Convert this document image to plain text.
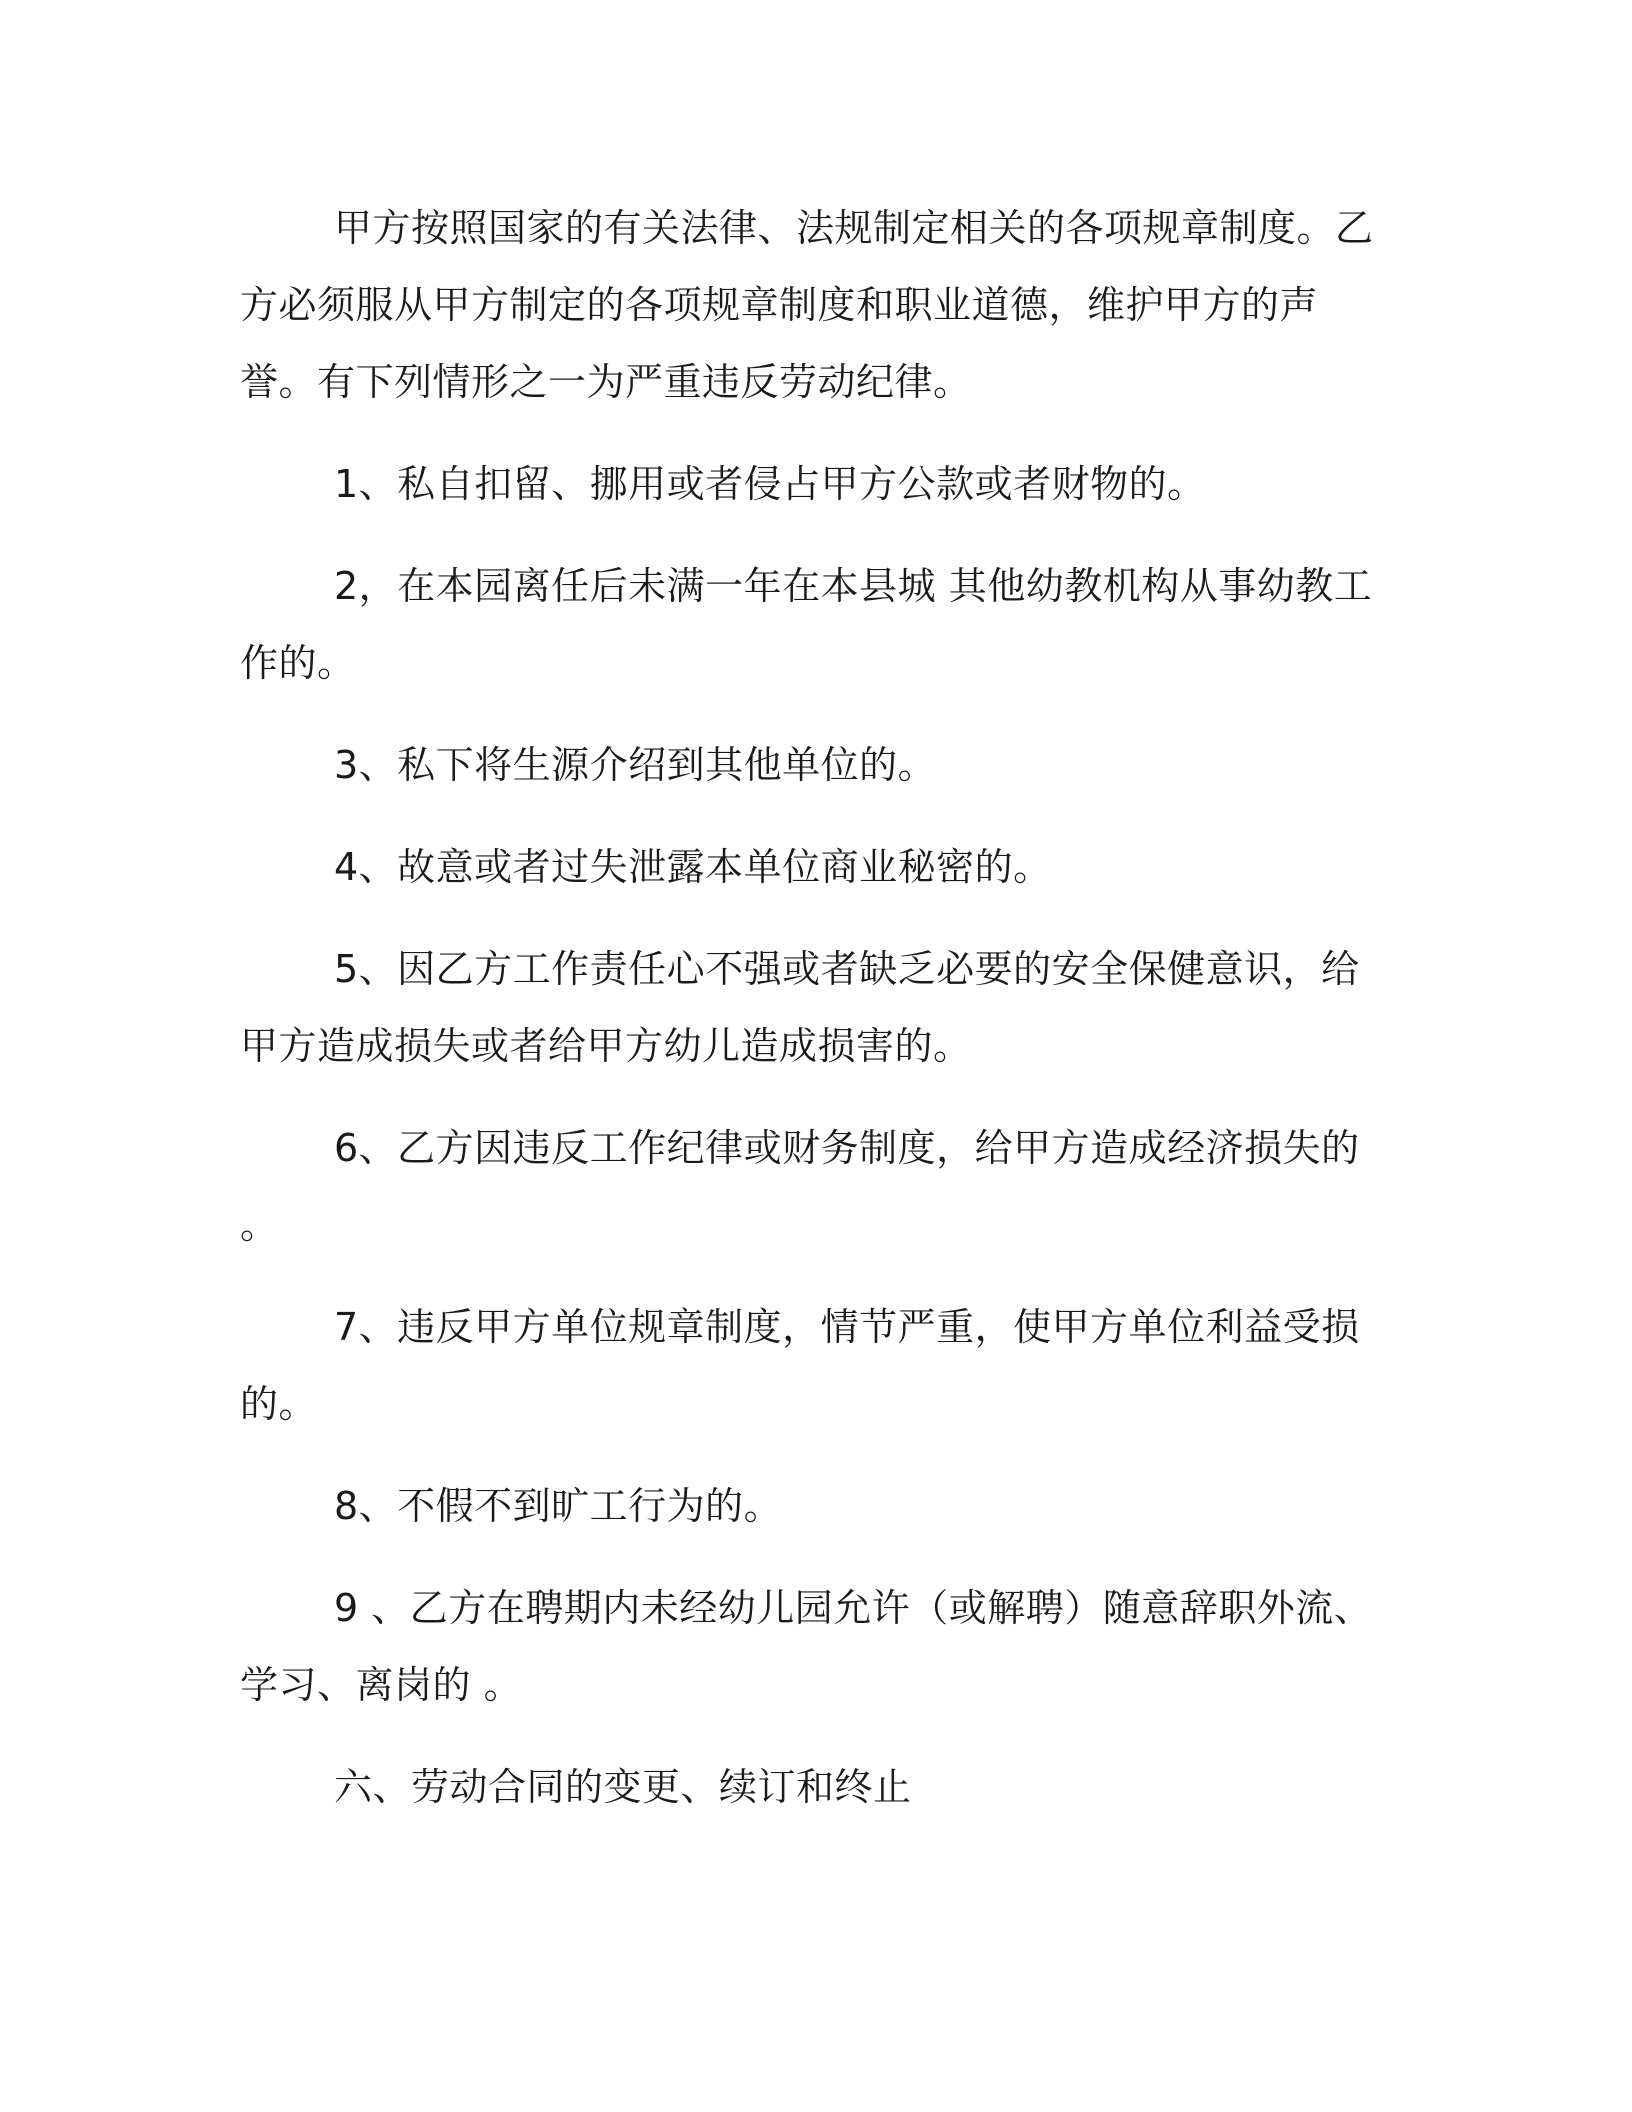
甲方按照国家的有关法律、法规制定相关的各项规章制度。乙方必须服从甲方制定的各项规章制度和职业道德，维护甲方的声誉。有下列情形之一为严重违反劳动纪律。

1、私自扣留、挪用或者侵占甲方公款或者财物的。

2，在本园离任后未满一年在本县城 其他幼教机构从事幼教工作的。

3、私下将生源介绍到其他单位的。

4、故意或者过失泄露本单位商业秘密的。

5、因乙方工作责任心不强或者缺乏必要的安全保健意识，给甲方造成损失或者给甲方幼儿造成损害的。

6、乙方因违反工作纪律或财务制度，给甲方造成经济损失的 。

7、违反甲方单位规章制度，情节严重，使甲方单位利益受损的。

8、不假不到旷工行为的。

9 、乙方在聘期内未经幼儿园允许（或解聘）随意辞职外流、学习、离岗的 。

六、劳动合同的变更、续订和终止
